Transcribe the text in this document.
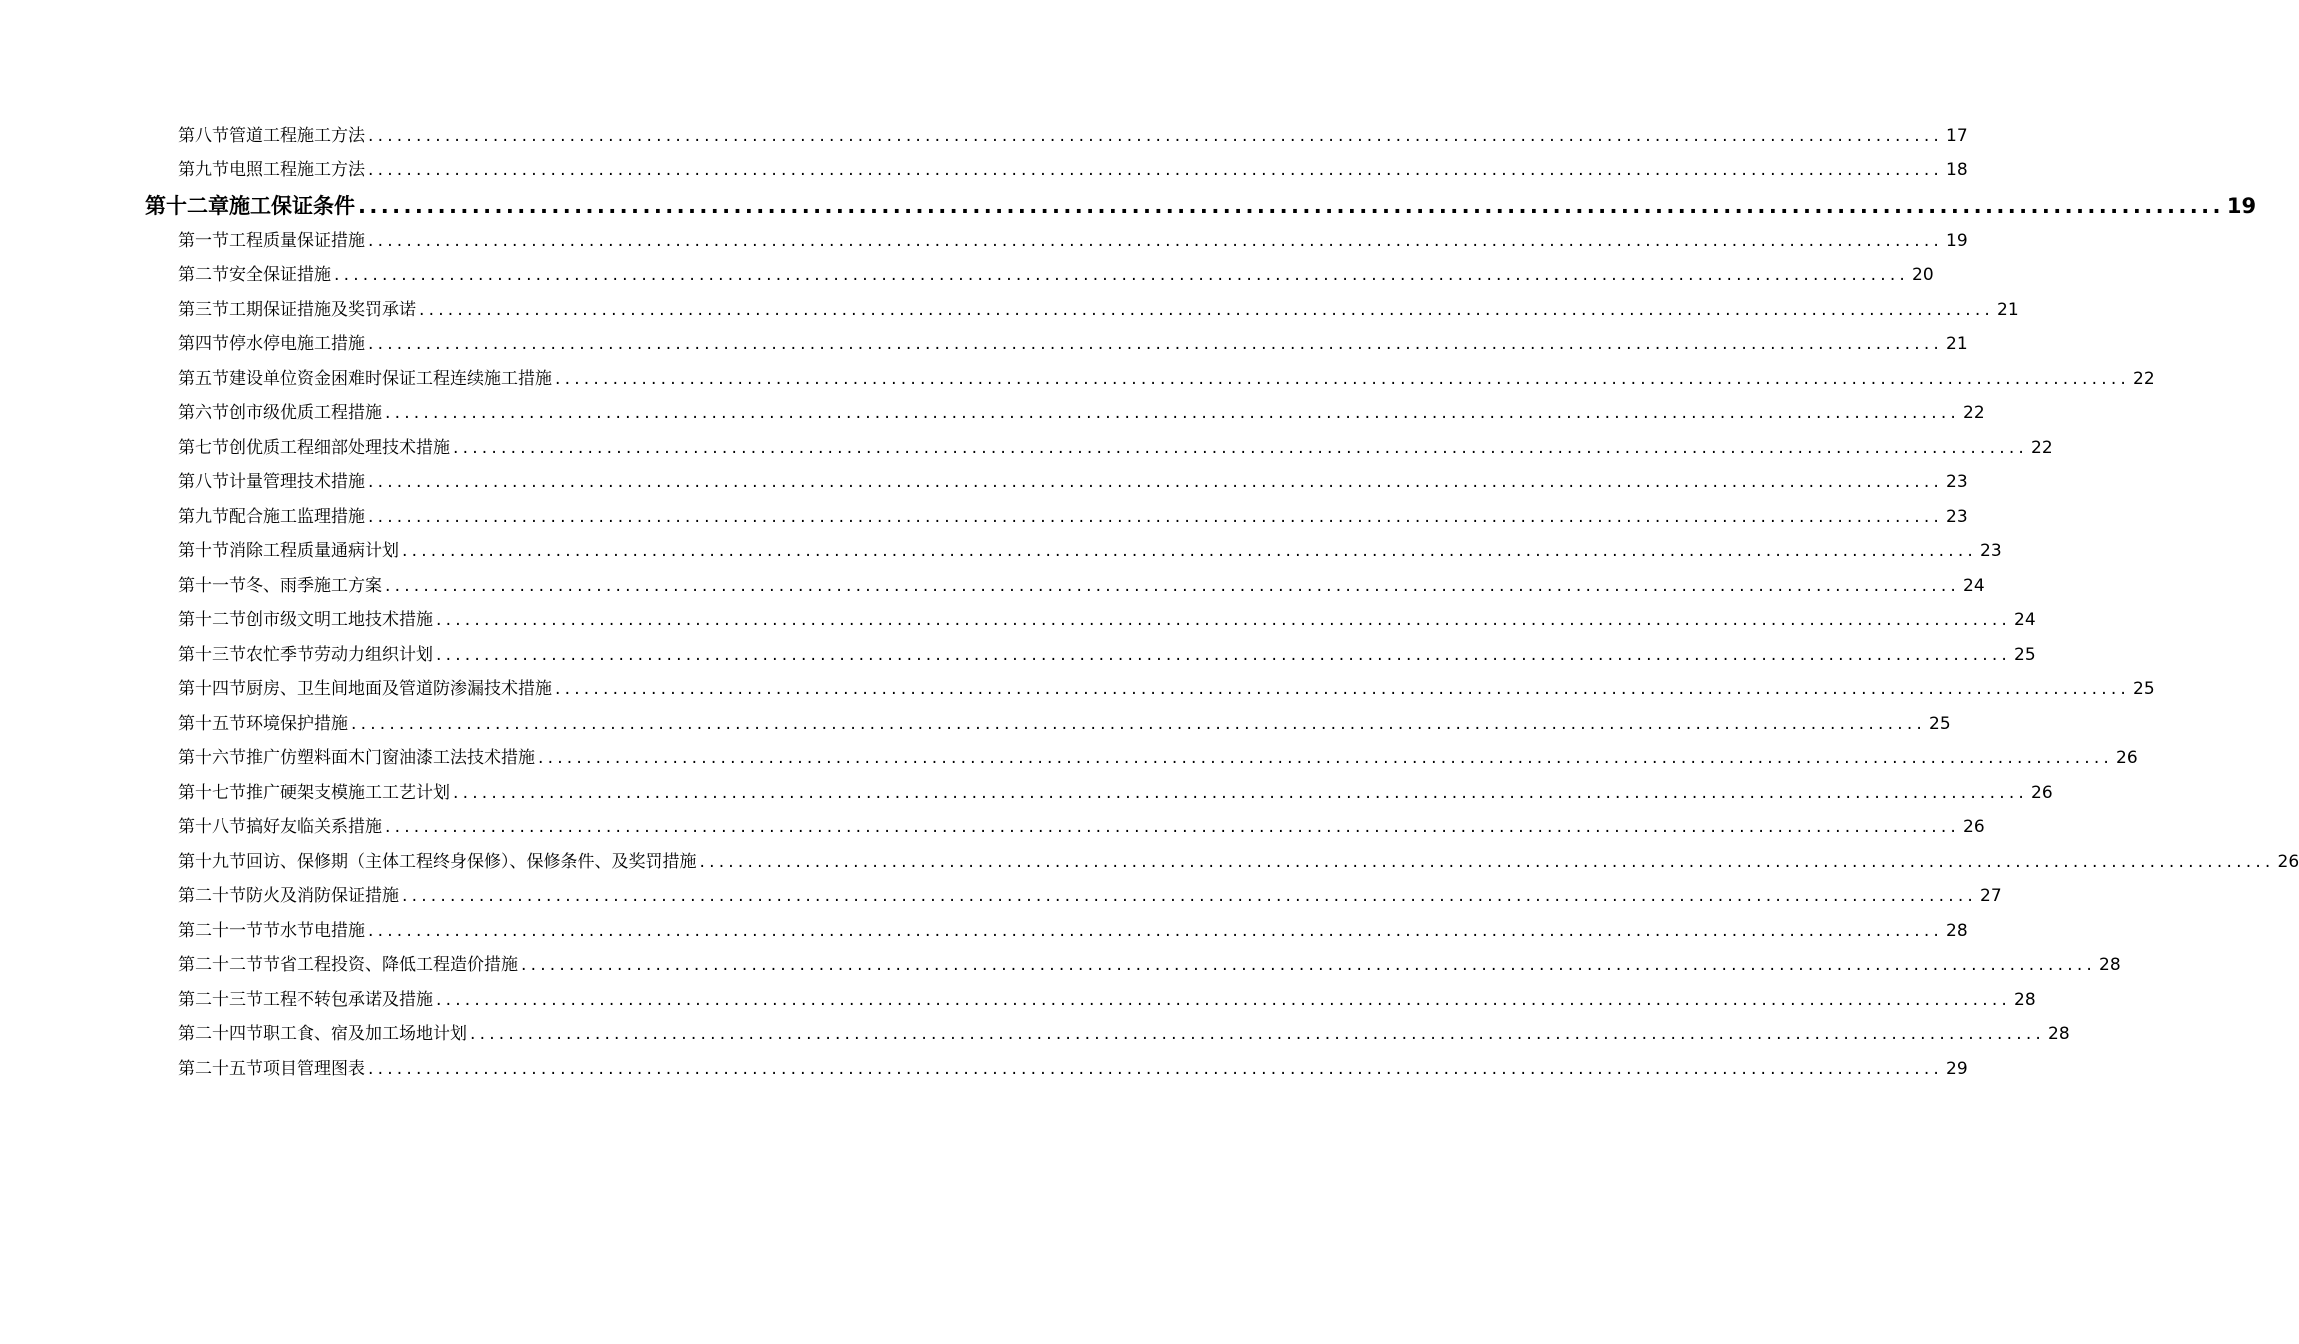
第八节 管道工程施工方法 .................................................................................................................................................................... 17
第九节 电照工程施工方法 .................................................................................................................................................................... 18
第十二章 施工保证条件 .................................................................................................................................................................... 19
第一节 工程质量保证措施 .................................................................................................................................................................... 19
第二节 安全保证措施 .................................................................................................................................................................... 20
第三节 工期保证措施及奖罚承诺 .................................................................................................................................................................... 21
第四节 停水停电施工措施 .................................................................................................................................................................... 21
第五节 建设单位资金困难时保证工程连续施工措施 .................................................................................................................................................................... 22
第六节 创市级优质工程措施 .................................................................................................................................................................... 22
第七节 创优质工程细部处理技术措施 .................................................................................................................................................................... 22
第八节 计量管理技术措施 .................................................................................................................................................................... 23
第九节 配合施工监理措施 .................................................................................................................................................................... 23
第十节 消除工程质量通病计划 .................................................................................................................................................................... 23
第十一节 冬、雨季施工方案 .................................................................................................................................................................... 24
第十二节 创市级文明工地技术措施 .................................................................................................................................................................... 24
第十三节 农忙季节劳动力组织计划 .................................................................................................................................................................... 25
第十四节 厨房、卫生间地面及管道防渗漏技术措施 .................................................................................................................................................................... 25
第十五节 环境保护措施 .................................................................................................................................................................... 25
第十六节 推广仿塑料面木门窗油漆工法技术措施 .................................................................................................................................................................... 26
第十七节 推广硬架支模施工工艺计划 .................................................................................................................................................................... 26
第十八节 搞好友临关系措施 .................................................................................................................................................................... 26
第十九节 回访、保修期（主体工程终身保修）、保修条件、及奖罚措施 .................................................................................................................................................................... 26
第二十节 防火及消防保证措施 .................................................................................................................................................................... 27
第二十一节 节水节电措施 .................................................................................................................................................................... 28
第二十二节 节省工程投资、降低工程造价措施 .................................................................................................................................................................... 28
第二十三节 工程不转包承诺及措施 .................................................................................................................................................................... 28
第二十四节 职工食、宿及加工场地计划 .................................................................................................................................................................... 28
第二十五节 项目管理图表 .................................................................................................................................................................... 29
